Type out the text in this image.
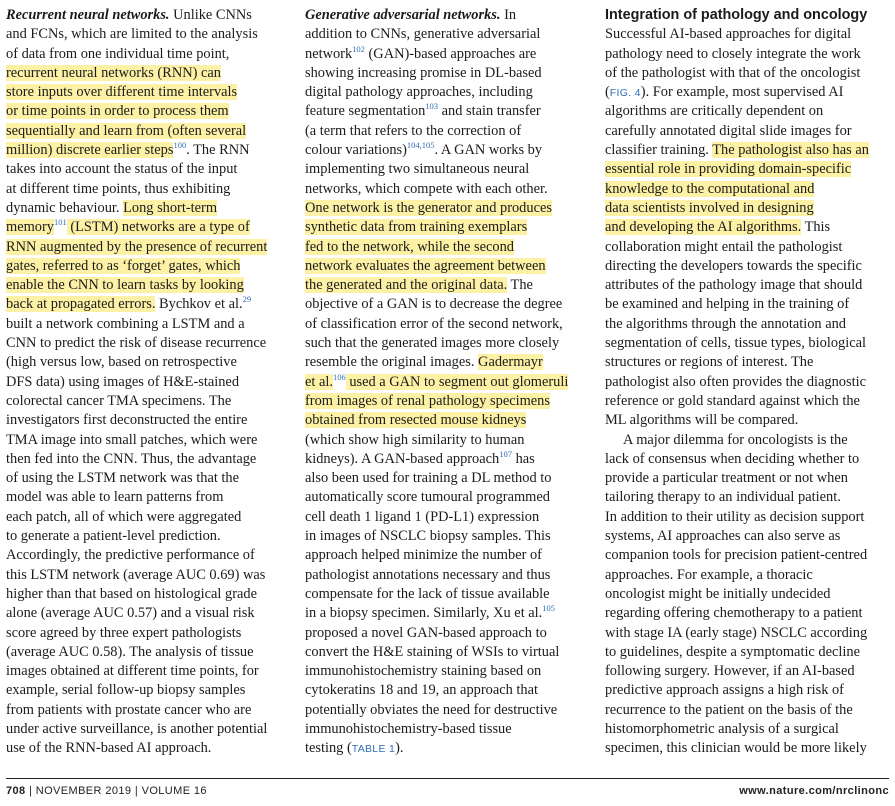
Recurrent neural networks. Unlike CNNs
and FCNs, which are limited to the analysis
of data from one individual time point,
recurrent neural networks (RNN) can
store inputs over different time intervals
or time points in order to process them
sequentially and learn from (often several
million) discrete earlier steps$^{100}$. The RNN
takes into account the status of the input
at different time points, thus exhibiting
dynamic behaviour. Long short-term
memory$^{101}$ (LSTM) networks are a type of
RNN augmented by the presence of recurrent
gates, referred to as ‘forget’ gates, which
enable the CNN to learn tasks by looking
back at propagated errors. Bychkov et al.$^{29}$
built a network combining a LSTM and a
CNN to predict the risk of disease recurrence
(high versus low, based on retrospective
DFS data) using images of H&E-stained
colorectal cancer TMA specimens. The
investigators first deconstructed the entire
TMA image into small patches, which were
then fed into the CNN. Thus, the advantage
of using the LSTM network was that the
model was able to learn patterns from
each patch, all of which were aggregated
to generate a patient-level prediction.
Accordingly, the predictive performance of
this LSTM network (average AUC 0.69) was
higher than that based on histological grade
alone (average AUC 0.57) and a visual risk
score agreed by three expert pathologists
(average AUC 0.58). The analysis of tissue
images obtained at different time points, for
example, serial follow-up biopsy samples
from patients with prostate cancer who are
under active surveillance, is another potential
use of the RNN-based AI approach.

Generative adversarial networks. In
addition to CNNs, generative adversarial
network$^{102}$ (GAN)-based approaches are
showing increasing promise in DL-based
digital pathology approaches, including
feature segmentation$^{103}$ and stain transfer
(a term that refers to the correction of
colour variations)$^{104,105}$. A GAN works by
implementing two simultaneous neural
networks, which compete with each other.
One network is the generator and produces
synthetic data from training exemplars
fed to the network, while the second
network evaluates the agreement between
the generated and the original data. The
objective of a GAN is to decrease the degree
of classification error of the second network,
such that the generated images more closely
resemble the original images. Gadermayr
et al.$^{106}$ used a GAN to segment out glomeruli
from images of renal pathology specimens
obtained from resected mouse kidneys
(which show high similarity to human
kidneys). A GAN-based approach$^{107}$ has
also been used for training a DL method to
automatically score tumoural programmed
cell death 1 ligand 1 (PD-L1) expression
in images of NSCLC biopsy samples. This
approach helped minimize the number of
pathologist annotations necessary and thus
compensate for the lack of tissue available
in a biopsy specimen. Similarly, Xu et al.$^{105}$
proposed a novel GAN-based approach to
convert the H&E staining of WSIs to virtual
immunohistochemistry staining based on
cytokeratins 18 and 19, an approach that
potentially obviates the need for destructive
immunohistochemistry-based tissue
testing (TABLE 1).

Integration of pathology and oncology
Successful AI-based approaches for digital
pathology need to closely integrate the work
of the pathologist with that of the oncologist
(FIG. 4). For example, most supervised AI
algorithms are critically dependent on
carefully annotated digital slide images for
classifier training. The pathologist also has an
essential role in providing domain-specific
knowledge to the computational and
data scientists involved in designing
and developing the AI algorithms. This
collaboration might entail the pathologist
directing the developers towards the specific
attributes of the pathology image that should
be examined and helping in the training of
the algorithms through the annotation and
segmentation of cells, tissue types, biological
structures or regions of interest. The
pathologist also often provides the diagnostic
reference or gold standard against which the
ML algorithms will be compared.

A major dilemma for oncologists is the
lack of consensus when deciding whether to
provide a particular treatment or not when
tailoring therapy to an individual patient.
In addition to their utility as decision support
systems, AI approaches can also serve as
companion tools for precision patient-centred
approaches. For example, a thoracic
oncologist might be initially undecided
regarding offering chemotherapy to a patient
with stage IA (early stage) NSCLC according
to guidelines, despite a symptomatic decline
following surgery. However, if an AI-based
predictive approach assigns a high risk of
recurrence to the patient on the basis of the
histomorphometric analysis of a surgical
specimen, this clinician would be more likely

708 | NOVEMBER 2019 | VOLUME 16	www.nature.com/nrclinonc
